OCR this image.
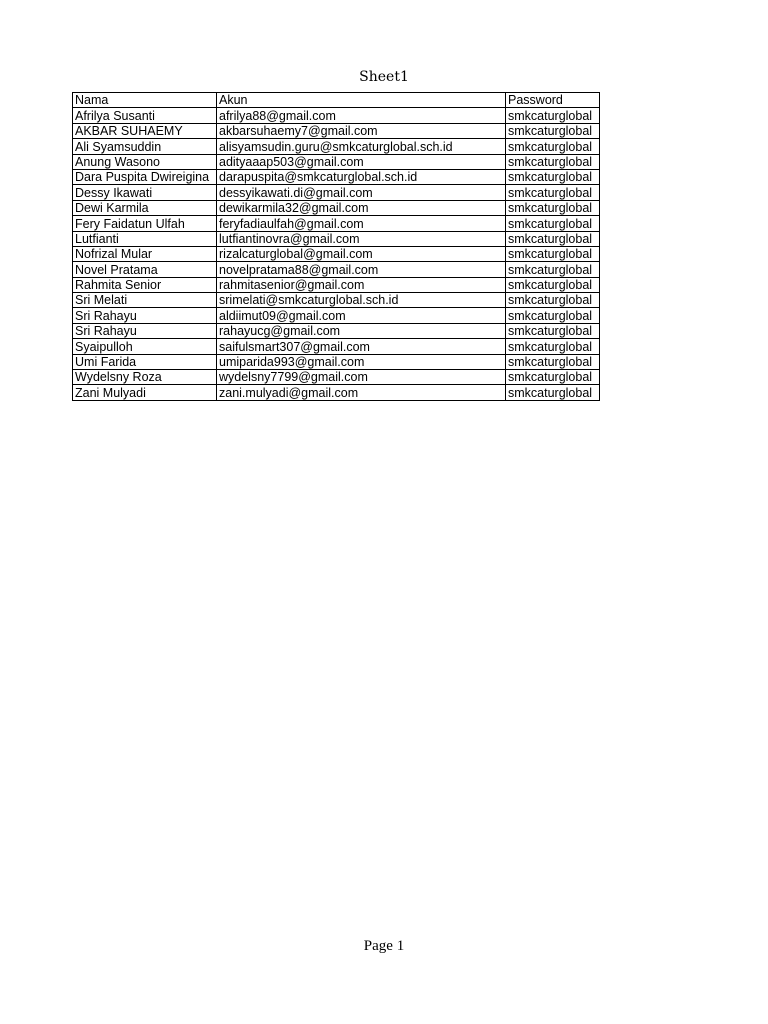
Sheet1
Nama	Akun	Password
Afrilya Susanti	afrilya88@gmail.com	smkcaturglobal
AKBAR SUHAEMY	akbarsuhaemy7@gmail.com	smkcaturglobal
Ali Syamsuddin	alisyamsudin.guru@smkcaturglobal.sch.id	smkcaturglobal
Anung Wasono	adityaaap503@gmail.com	smkcaturglobal
Dara Puspita Dwireigina	darapuspita@smkcaturglobal.sch.id	smkcaturglobal
Dessy Ikawati	dessyikawati.di@gmail.com	smkcaturglobal
Dewi Karmila	dewikarmila32@gmail.com	smkcaturglobal
Fery Faidatun Ulfah	feryfadiaulfah@gmail.com	smkcaturglobal
Lutfianti	lutfiantinovra@gmail.com	smkcaturglobal
Nofrizal Mular	rizalcaturglobal@gmail.com	smkcaturglobal
Novel Pratama	novelpratama88@gmail.com	smkcaturglobal
Rahmita Senior	rahmitasenior@gmail.com	smkcaturglobal
Sri Melati	srimelati@smkcaturglobal.sch.id	smkcaturglobal
Sri Rahayu	aldiimut09@gmail.com	smkcaturglobal
Sri Rahayu	rahayucg@gmail.com	smkcaturglobal
Syaipulloh	saifulsmart307@gmail.com	smkcaturglobal
Umi Farida	umiparida993@gmail.com	smkcaturglobal
Wydelsny Roza	wydelsny7799@gmail.com	smkcaturglobal
Zani Mulyadi	zani.mulyadi@gmail.com	smkcaturglobal
Page 1
